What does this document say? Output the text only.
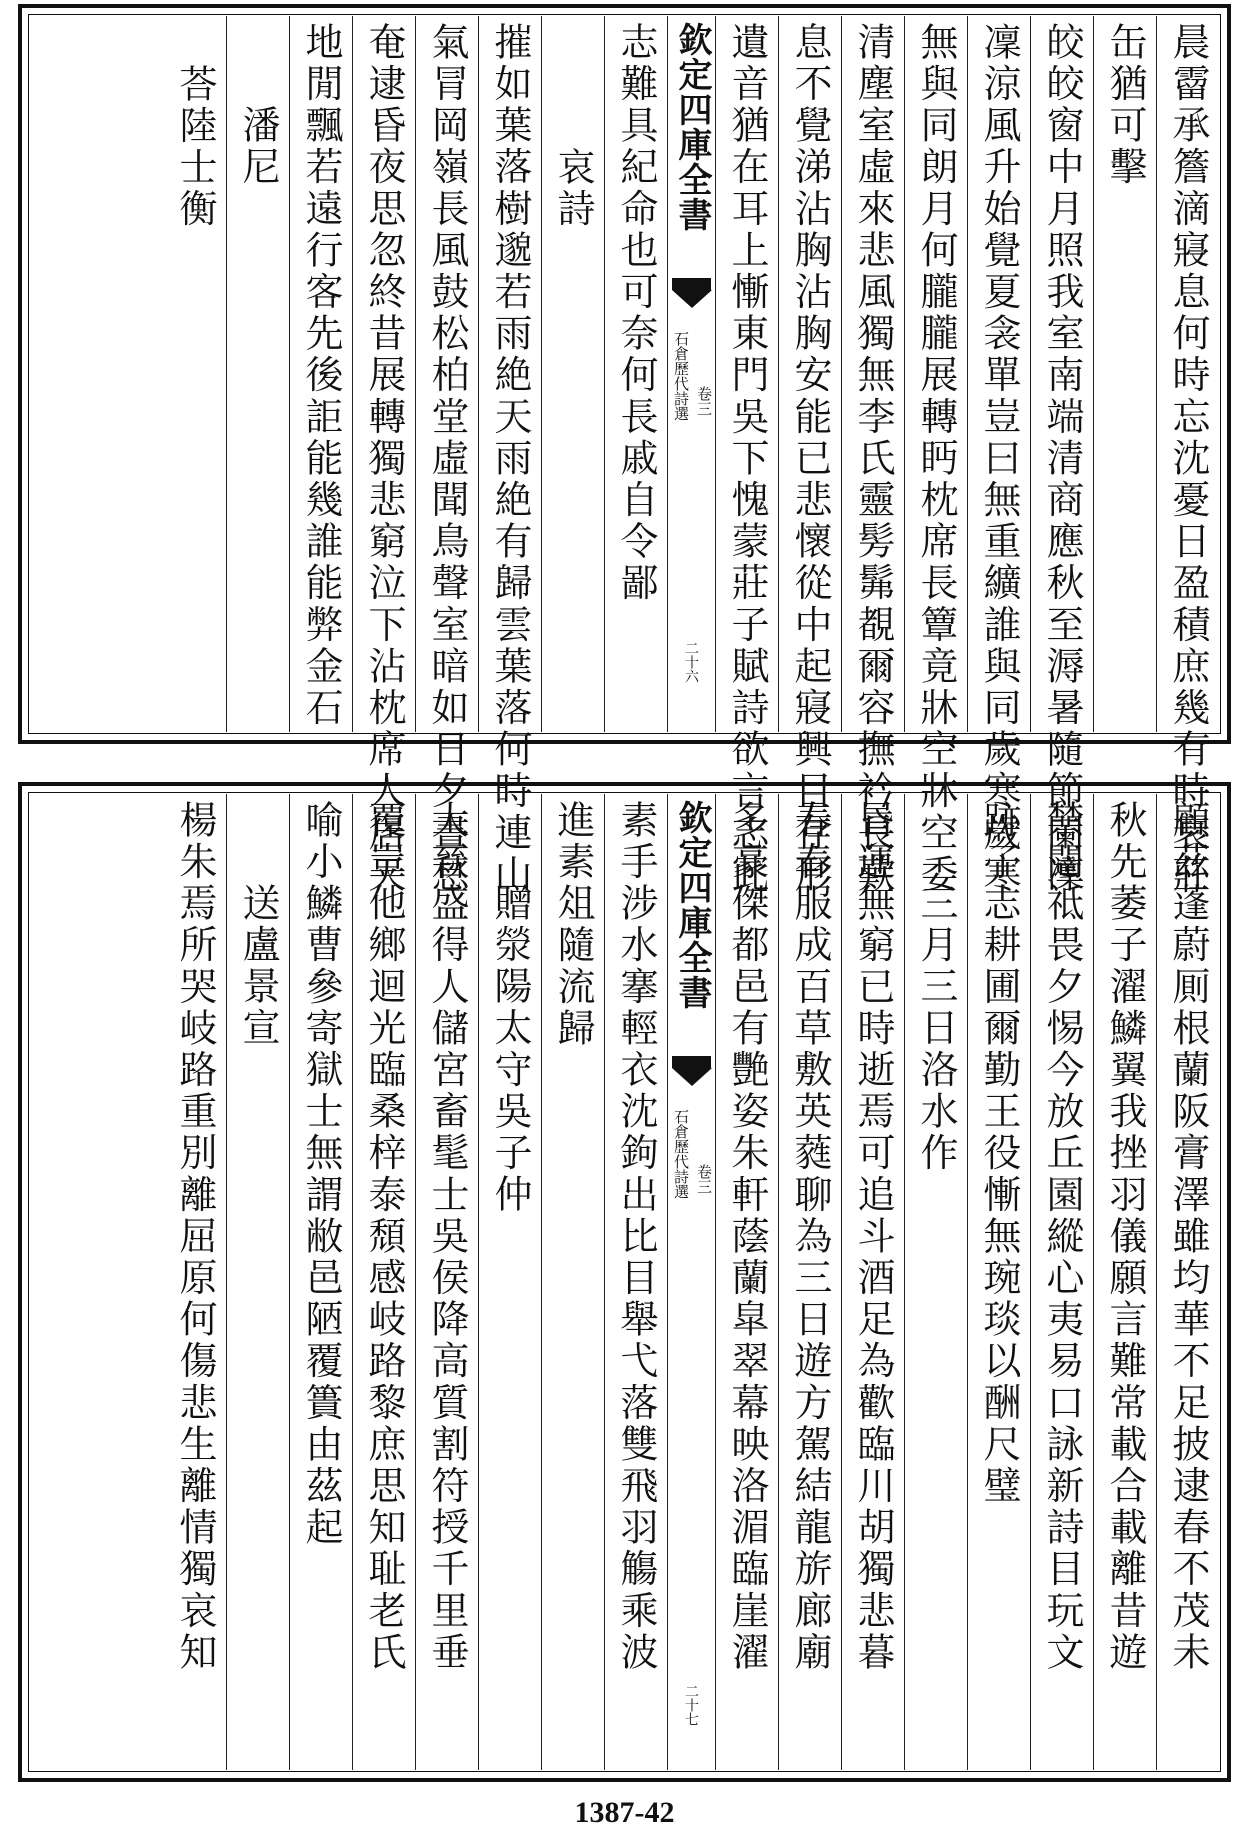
晨霤承簷滴寢息何時忘沈憂日盈積庶幾有時衰莊
缶猶可擊
皎皎窗中月照我室南端清商應秋至溽暑隨節闌凜
凜涼風升始覺夏衾單豈曰無重纊誰與同歲寒歲寒
無與同朗月何朧朧展轉眄枕席長簟竟牀空牀空委
清塵室虛來悲風獨無李氏靈髣髴覩爾容撫衿長歎
息不覺涕沾胸沾胸安能已悲懷從中起寢興目存形
遺音猶在耳上慚東門吳下愧蒙莊子賦詩欲言志此
欽定四庫全書
石倉歷代詩選 卷三
二十六
志難具紀命也可奈何長戚自令鄙
哀詩
摧如葉落樹邈若雨絶天雨絶有歸雲葉落何時連山
氣冐岡嶺長風鼓松柏堂虛聞鳥聲室暗如日夕晝愁
奄逮昏夜思忽終昔展轉獨悲窮泣下沾枕席人居天
地閒飄若遠行客先後詎能幾誰能弊金石
潘尼
荅陸士衡
顧茲蓬蔚厠根蘭阪膏澤雖均華不足披逮春不茂未
秋先萎子濯鱗翼我挫羽儀願言難常載合載離昔遊
禁闥祗畏夕惕今放丘園縱心夷易口詠新詩目玩文
跡子志耕圃爾勤王役慚無琬琰以酬尺璧
三月三日洛水作
昬運無窮已時逝焉可追斗酒足為歡臨川胡獨悲暮
春春服成百草敷英蕤聊為三日遊方駕結龍旂廊廟
多豪傑都邑有艷姿朱軒蔭蘭皐翠幕映洛湄臨崖濯
欽定四庫全書
石倉歷代詩選 卷三
二十七
素手涉水搴輕衣沈鉤出比目舉弋落雙飛羽觴乘波
進素俎隨流歸
贈滎陽太守吳子仲
大晉盛得人儲宮畜髦士吳侯降高質割符授千里垂
覆豈他鄉迴光臨桑梓泰頹感岐路黎庶思知耻老氏
喻小鱗曹參寄獄士無謂敝邑陋覆簣由茲起
送盧景宣
楊朱焉所哭岐路重別離屈原何傷悲生離情獨哀知
1387-42
